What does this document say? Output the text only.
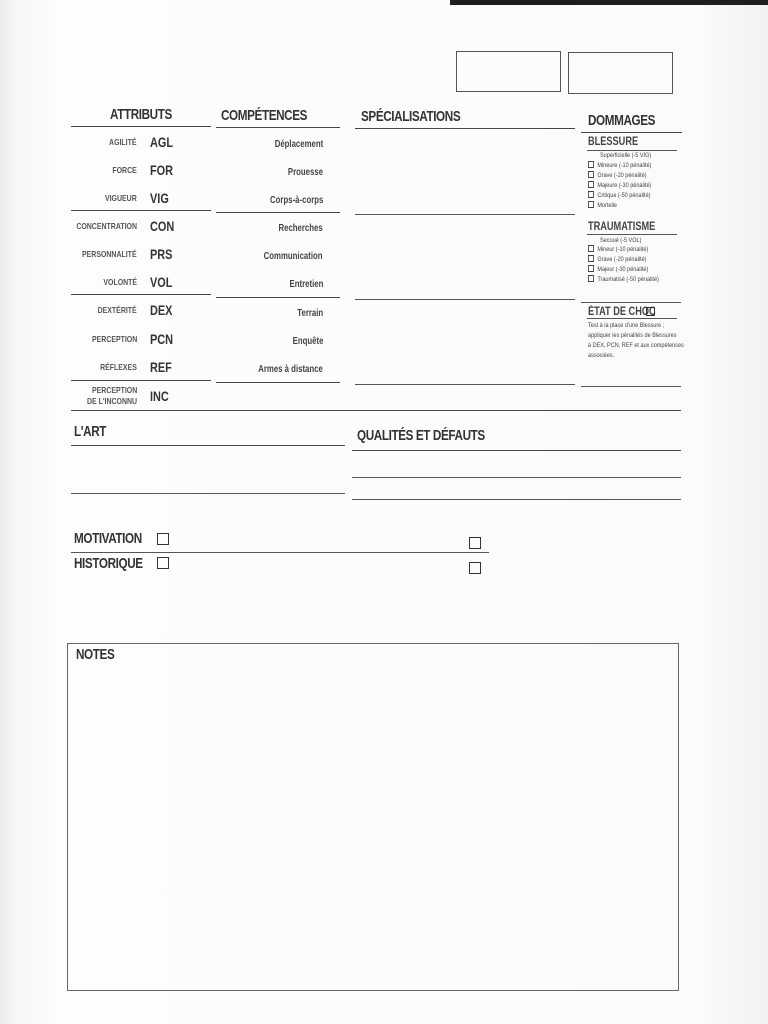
ATTRIBUTS	COMPÉTENCES	SPÉCIALISATIONS	DOMMAGES
AGILITÉ AGL	Déplacement
FORCE FOR	Prouesse
VIGUEUR VIG	Corps-à-corps
CONCENTRATION CON	Recherches
PERSONNALITÉ PRS	Communication
VOLONTÉ VOL	Entretien
DEXTÉRITÉ DEX	Terrain
PERCEPTION PCN	Enquête
RÉFLEXES REF	Armes à distance
PERCEPTION
DE L'INCONNU INC
BLESSURE
Superficielle (-5 VIG)
Mineure (-10 pénalité)
Grave (-20 pénalité)
Majeure (-30 pénalité)
Critique (-50 pénalité)
Mortelle
TRAUMATISME
Secoué (-5 VOL)
Mineur (-10 pénalité)
Grave (-20 pénalité)
Majeur (-30 pénalité)
Traumatisé (-50 pénalité)
ÉTAT DE CHOC
Test à la place d'une Blessure ;
appliquer les pénalités de Blessures
à DEX, PCN, REF et aux compétences
associées.
L'ART	QUALITÉS ET DÉFAUTS
MOTIVATION
HISTORIQUE
NOTES
